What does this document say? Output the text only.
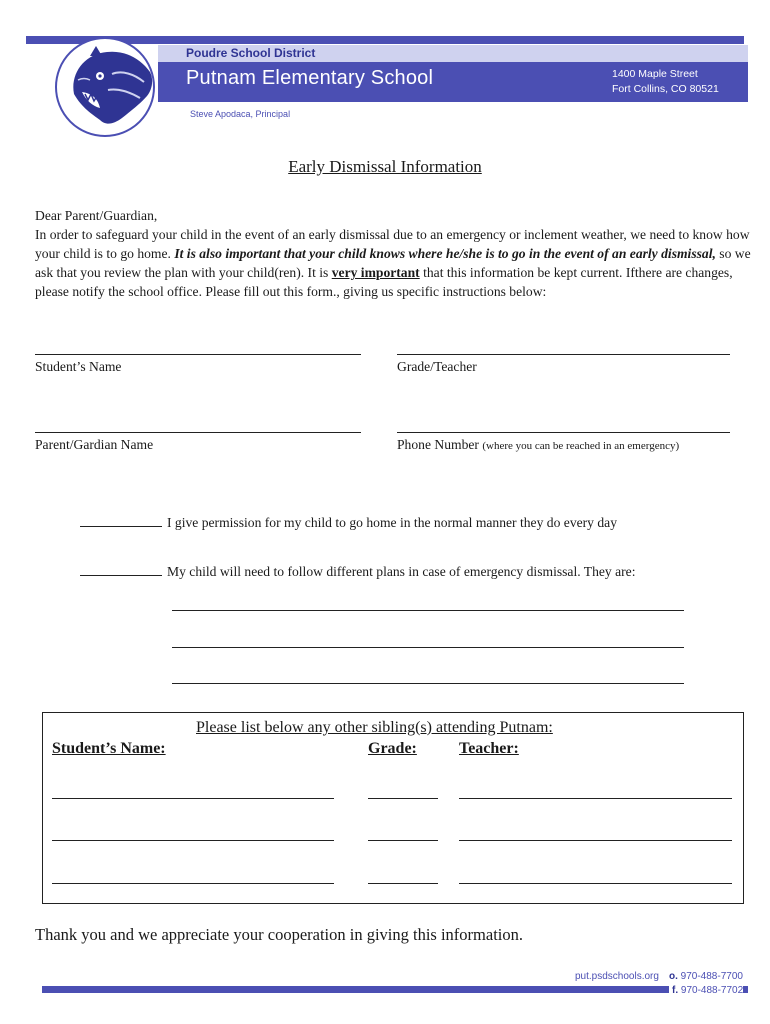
Poudre School District
Putnam Elementary School	1400 Maple Street
Fort Collins, CO 80521
Steve Apodaca, Principal
Early Dismissal Information

Dear Parent/Guardian,

In order to safeguard your child in the event of an early dismissal due to an emergency or inclement weather, we need to know how your child is to go home. It is also important that your child knows where he/she is to go in the event of an early dismissal, so we ask that you review the plan with your child(ren). It is very important that this information be kept current. Ifthere are changes, please notify the school office. Please fill out this form., giving us specific instructions below:

Student’s Name	Grade/Teacher
Parent/Gardian Name	Phone Number (where you can be reached in an emergency)
I give permission for my child to go home in the normal manner they do every day
My child will need to follow different plans in case of emergency dismissal. They are:
Please list below any other sibling(s) attending Putnam:
Student’s Name:	Grade:	Teacher:
Thank you and we appreciate your cooperation in giving this information.
put.psdschools.org o. 970-488-7700
f. 970-488-7702
